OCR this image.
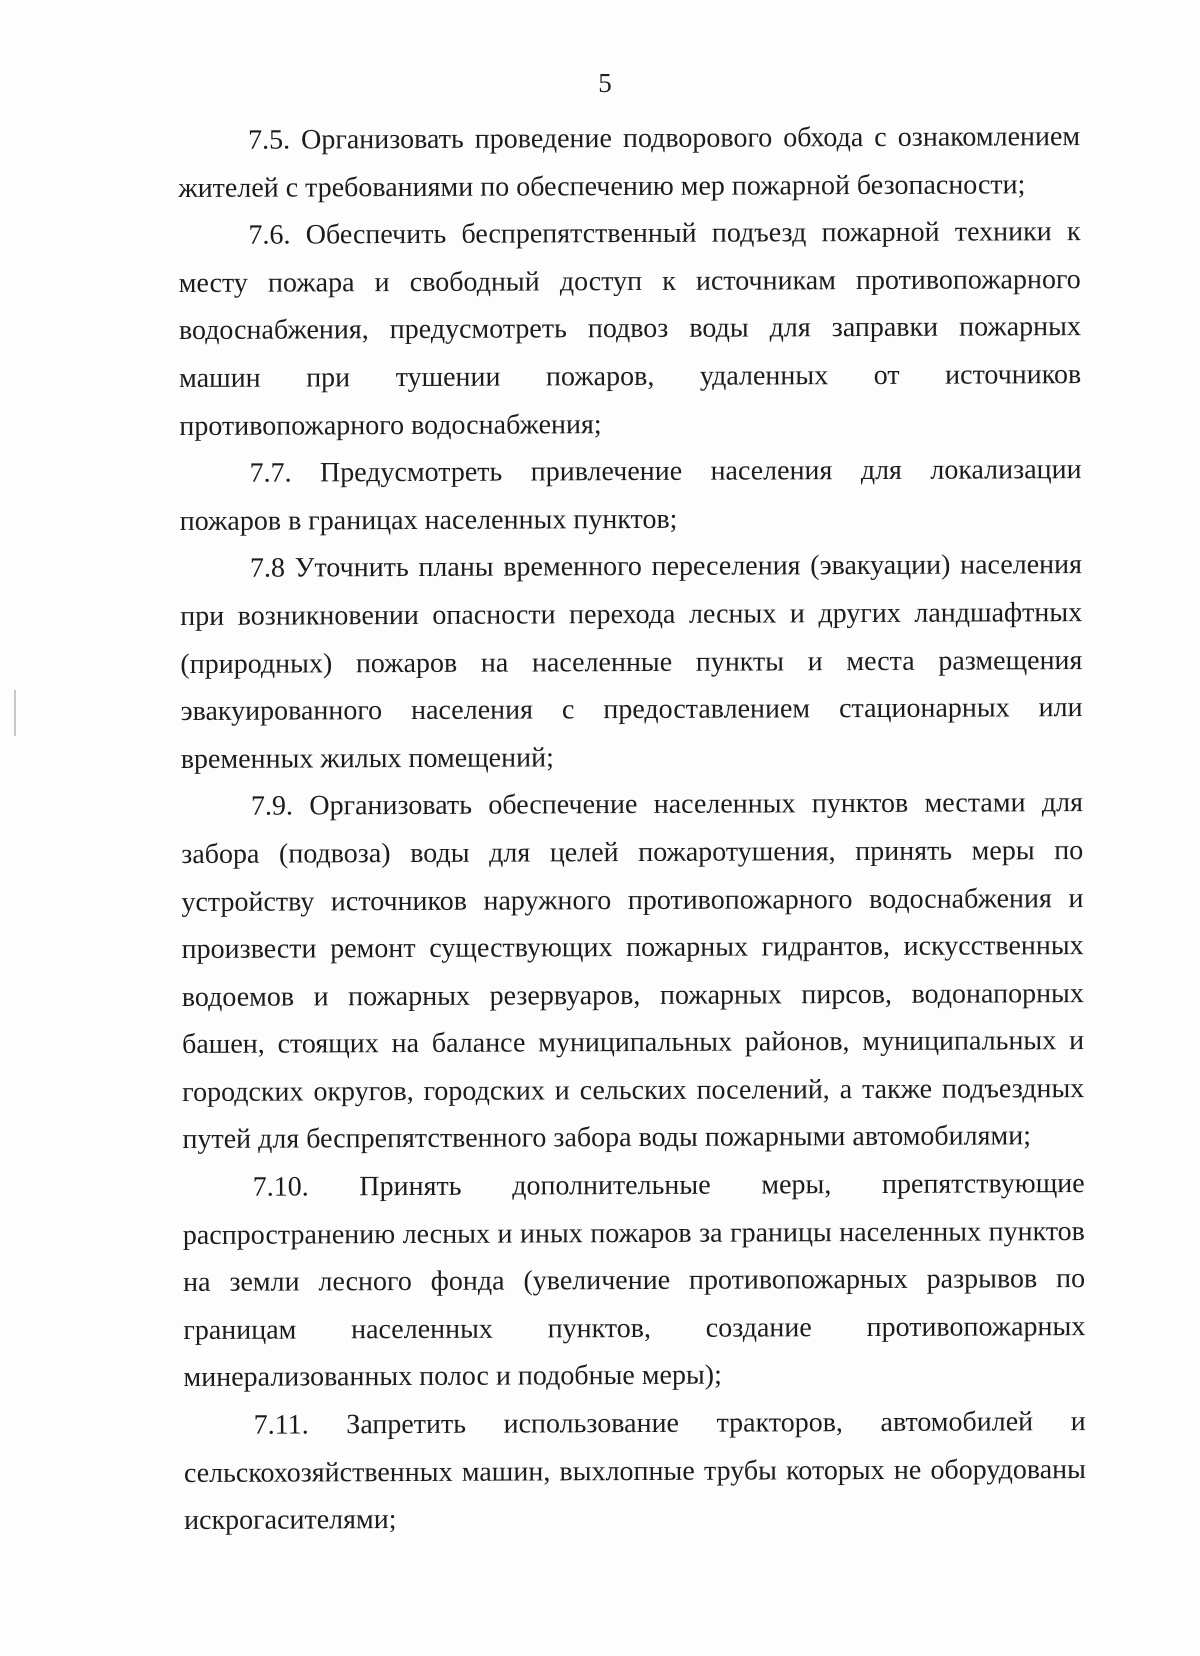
5

7.5. Организовать проведение подворового обхода с ознакомлением жителей с требованиями по обеспечению мер пожарной безопасности;

7.6. Обеспечить беспрепятственный подъезд пожарной техники к месту пожара и свободный доступ к источникам противопожарного водоснабжения, предусмотреть подвоз воды для заправки пожарных машин при тушении пожаров, удаленных от источников противопожарного водоснабжения;

7.7. Предусмотреть привлечение населения для локализации пожаров в границах населенных пунктов;

7.8 Уточнить планы временного переселения (эвакуации) населения при возникновении опасности перехода лесных и других ландшафтных (природных) пожаров на населенные пункты и места размещения эвакуированного населения с предоставлением стационарных или временных жилых помещений;

7.9. Организовать обеспечение населенных пунктов местами для забора (подвоза) воды для целей пожаротушения, принять меры по устройству источников наружного противопожарного водоснабжения и произвести ремонт существующих пожарных гидрантов, искусственных водоемов и пожарных резервуаров, пожарных пирсов, водонапорных башен, стоящих на балансе муниципальных районов, муниципальных и городских округов, городских и сельских поселений, а также подъездных путей для беспрепятственного забора воды пожарными автомобилями;

7.10. Принять дополнительные меры, препятствующие распространению лесных и иных пожаров за границы населенных пунктов на земли лесного фонда (увеличение противопожарных разрывов по границам населенных пунктов, создание противопожарных минерализованных полос и подобные меры);

7.11. Запретить использование тракторов, автомобилей и сельскохозяйственных машин, выхлопные трубы которых не оборудованы искрогасителями;
